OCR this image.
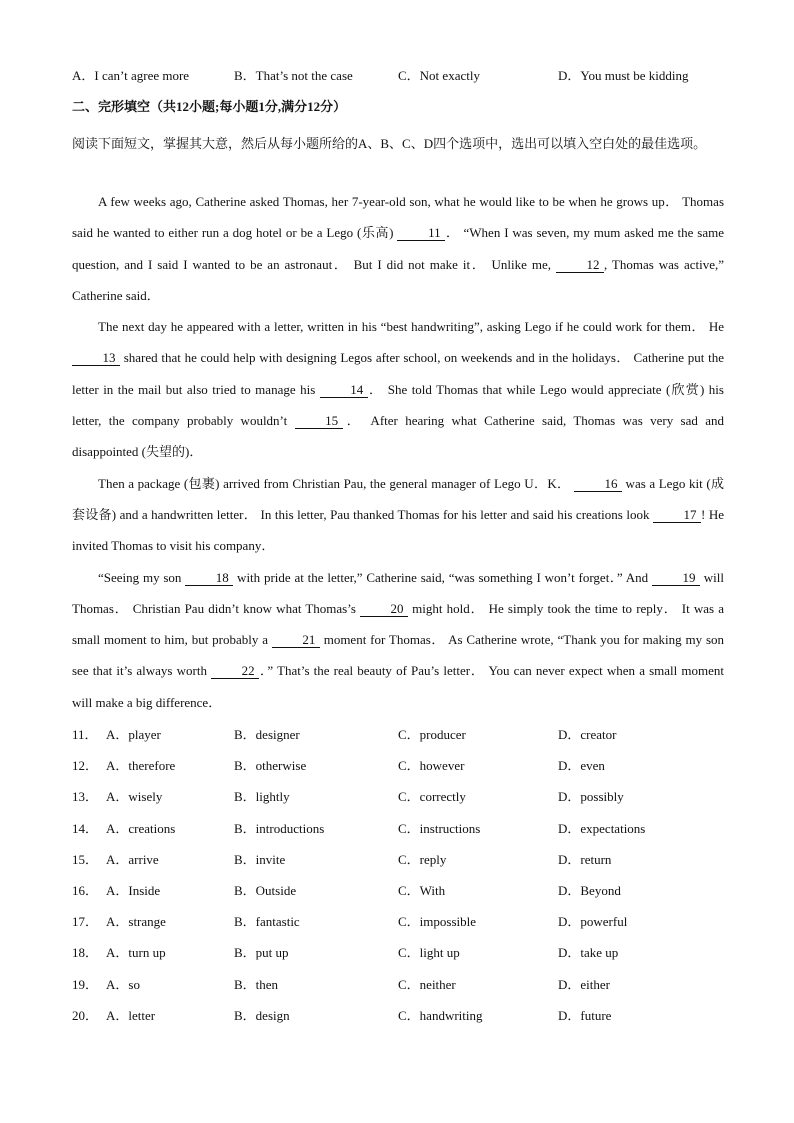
A．I can’t agree more	B．That’s not the case	C．Not exactly	D．You must be kidding
二、完形填空（共12小题;每小题1分,满分12分）

阅读下面短文，掌握其大意，然后从每小题所给的A、B、C、D四个选项中，选出可以填入空白处的最佳选项。

A few weeks ago, Catherine asked Thomas, her 7-year-old son, what he would like to be when he grows up． Thomas said he wanted to either run a dog hotel or be a Lego (乐高) 11 ． “When I was seven, my mum asked me the same question, and I said I wanted to be an astronaut． But I did not make it． Unlike me, 12 , Thomas was active,” Catherine said．

The next day he appeared with a letter, written in his “best handwriting”, asking Lego if he could work for them． He 13 shared that he could help with designing Legos after school, on weekends and in the holidays． Catherine put the letter in the mail but also tried to manage his 14 ． She told Thomas that while Lego would appreciate (欣赏) his letter, the company probably wouldn’t 15 ． After hearing what Catherine said, Thomas was very sad and disappointed (失望的)．

Then a package (包裹) arrived from Christian Pau, the general manager of Lego U．K． 16 was a Lego kit (成套设备) and a handwritten letter． In this letter, Pau thanked Thomas for his letter and said his creations look 17 ! He invited Thomas to visit his company．

“Seeing my son 18 with pride at the letter,” Catherine said, “was something I won’t forget．” And 19 will Thomas． Christian Pau didn’t know what Thomas’s 20 might hold． He simply took the time to reply． It was a small moment to him, but probably a 21 moment for Thomas． As Catherine wrote, “Thank you for making my son see that it’s always worth 22 ．” That’s the real beauty of Pau’s letter． You can never expect when a small moment will make a big difference．

11． A．player	B．designer	C．producer	D．creator
12． A．therefore	B．otherwise	C．however	D．even
13． A．wisely	B．lightly	C．correctly	D．possibly
14． A．creations	B．introductions	C．instructions	D．expectations
15． A．arrive	B．invite	C．reply	D．return
16． A．Inside	B．Outside	C．With	D．Beyond
17． A．strange	B．fantastic	C．impossible	D．powerful
18． A．turn up	B．put up	C．light up	D．take up
19． A．so	B．then	C．neither	D．either
20． A．letter	B．design	C．handwriting	D．future
